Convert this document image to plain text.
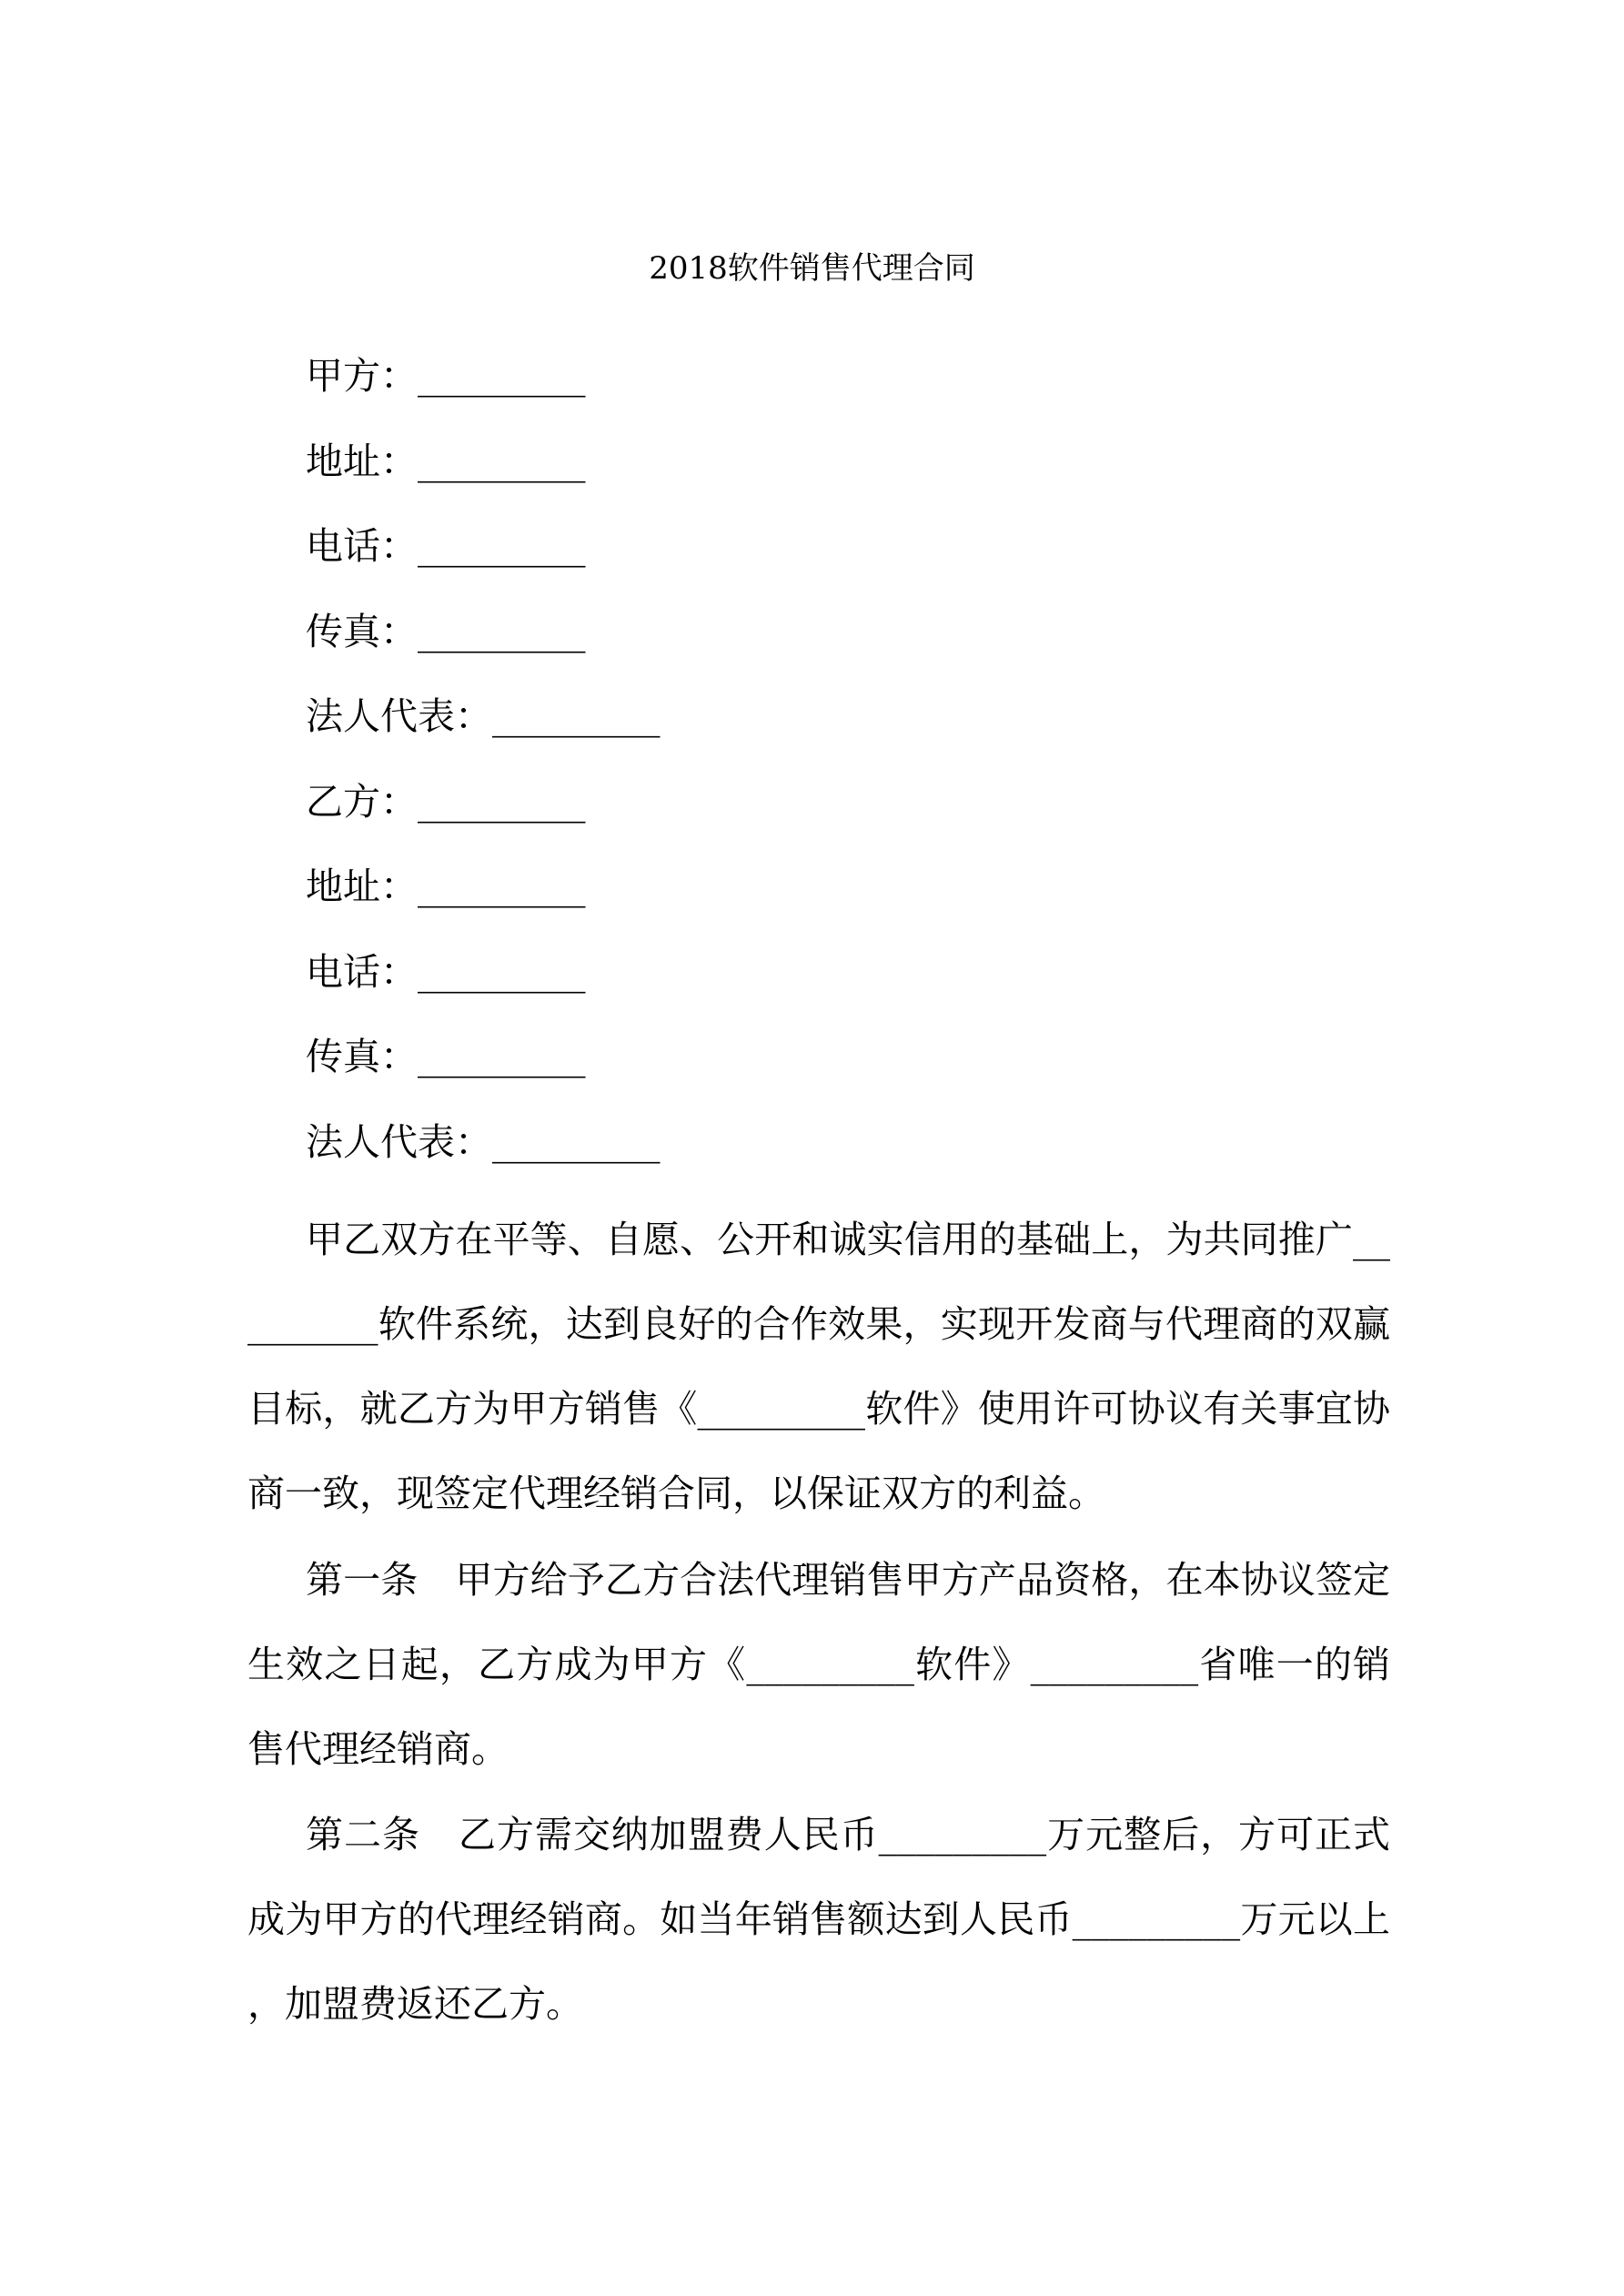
2018软件销售代理合同
甲方：_________
地址：_________
电话：_________
传真：_________
法人代表：_________
乙方：_________
地址：_________
电话：_________
传真：_________
法人代表：_________

甲乙双方在平等、自愿、公开和诚实信用的基础上，为共同推广_________软件系统，达到良好的合作效果，实现开发商与代理商的双赢目标，就乙方为甲方销售《_________软件》使用许可协议有关事宜协商一致，现签定代理经销合同，以保证双方的利益。

第一条　甲方给予乙方合法代理销售甲方产品资格，在本协议签定生效之日起，乙方成为甲方《_________软件》_________省唯一的销售代理经销商。

第二条　乙方需交纳加盟费人民币_________万元整后，方可正式成为甲方的代理经销商。如当年销售额达到人民币_________万元以上，加盟费返还乙方。
